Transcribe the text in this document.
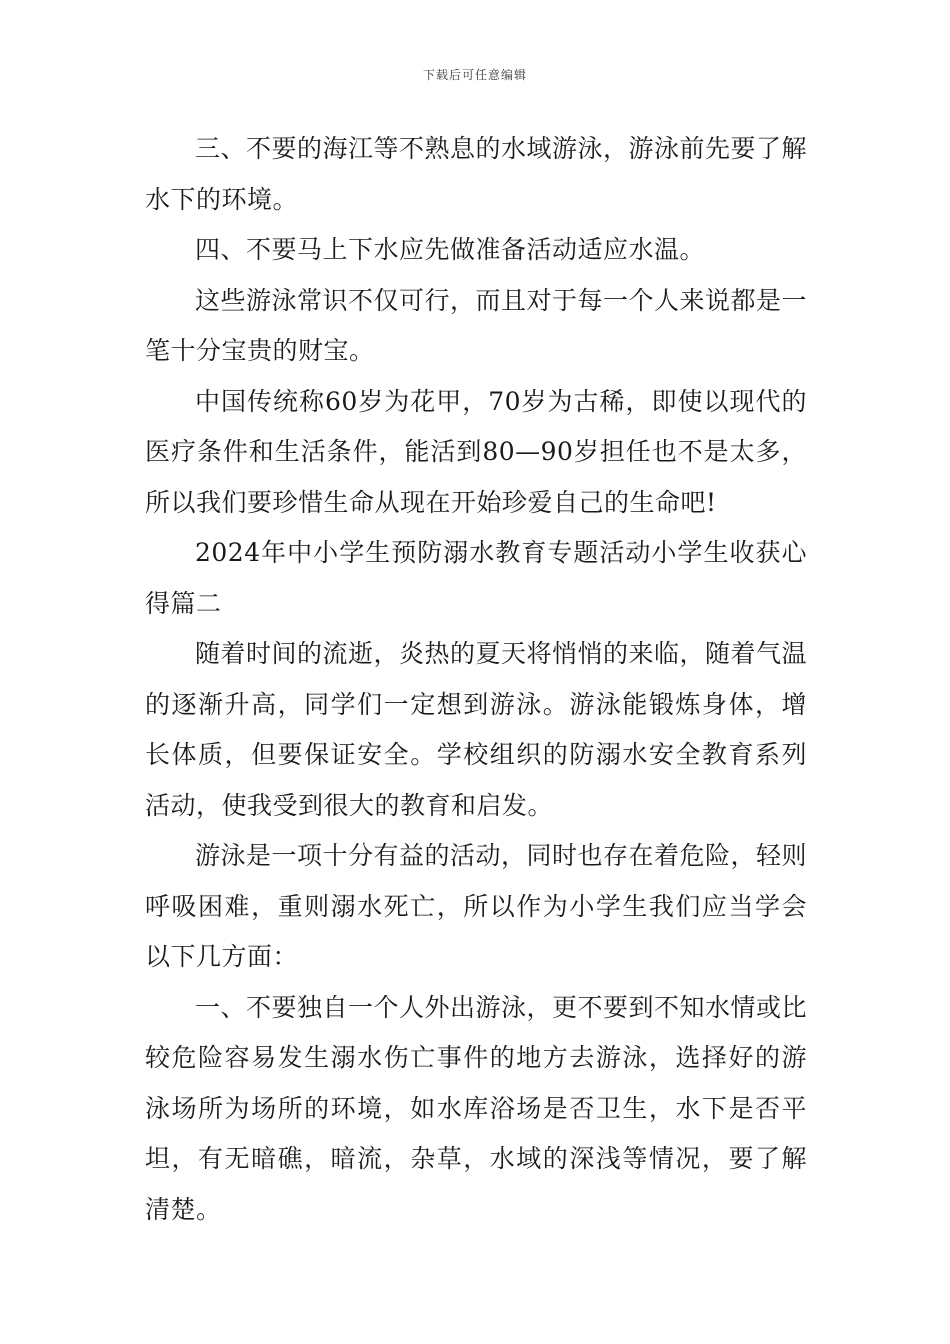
下载后可任意编辑

三、不要的海江等不熟息的水域游泳，游泳前先要了解水下的环境。

四、不要马上下水应先做准备活动适应水温。

这些游泳常识不仅可行，而且对于每一个人来说都是一笔十分宝贵的财宝。

中国传统称60岁为花甲，70岁为古稀，即使以现代的医疗条件和生活条件，能活到80—90岁担任也不是太多，所以我们要珍惜生命从现在开始珍爱自己的生命吧!

2024年中小学生预防溺水教育专题活动小学生收获心得篇二

随着时间的流逝，炎热的夏天将悄悄的来临，随着气温的逐渐升高，同学们一定想到游泳。游泳能锻炼身体，增长体质，但要保证安全。学校组织的防溺水安全教育系列活动，使我受到很大的教育和启发。

游泳是一项十分有益的活动，同时也存在着危险，轻则呼吸困难，重则溺水死亡，所以作为小学生我们应当学会以下几方面：

一、不要独自一个人外出游泳，更不要到不知水情或比较危险容易发生溺水伤亡事件的地方去游泳，选择好的游泳场所为场所的环境，如水库浴场是否卫生，水下是否平坦，有无暗礁，暗流，杂草，水域的深浅等情况，要了解清楚。
